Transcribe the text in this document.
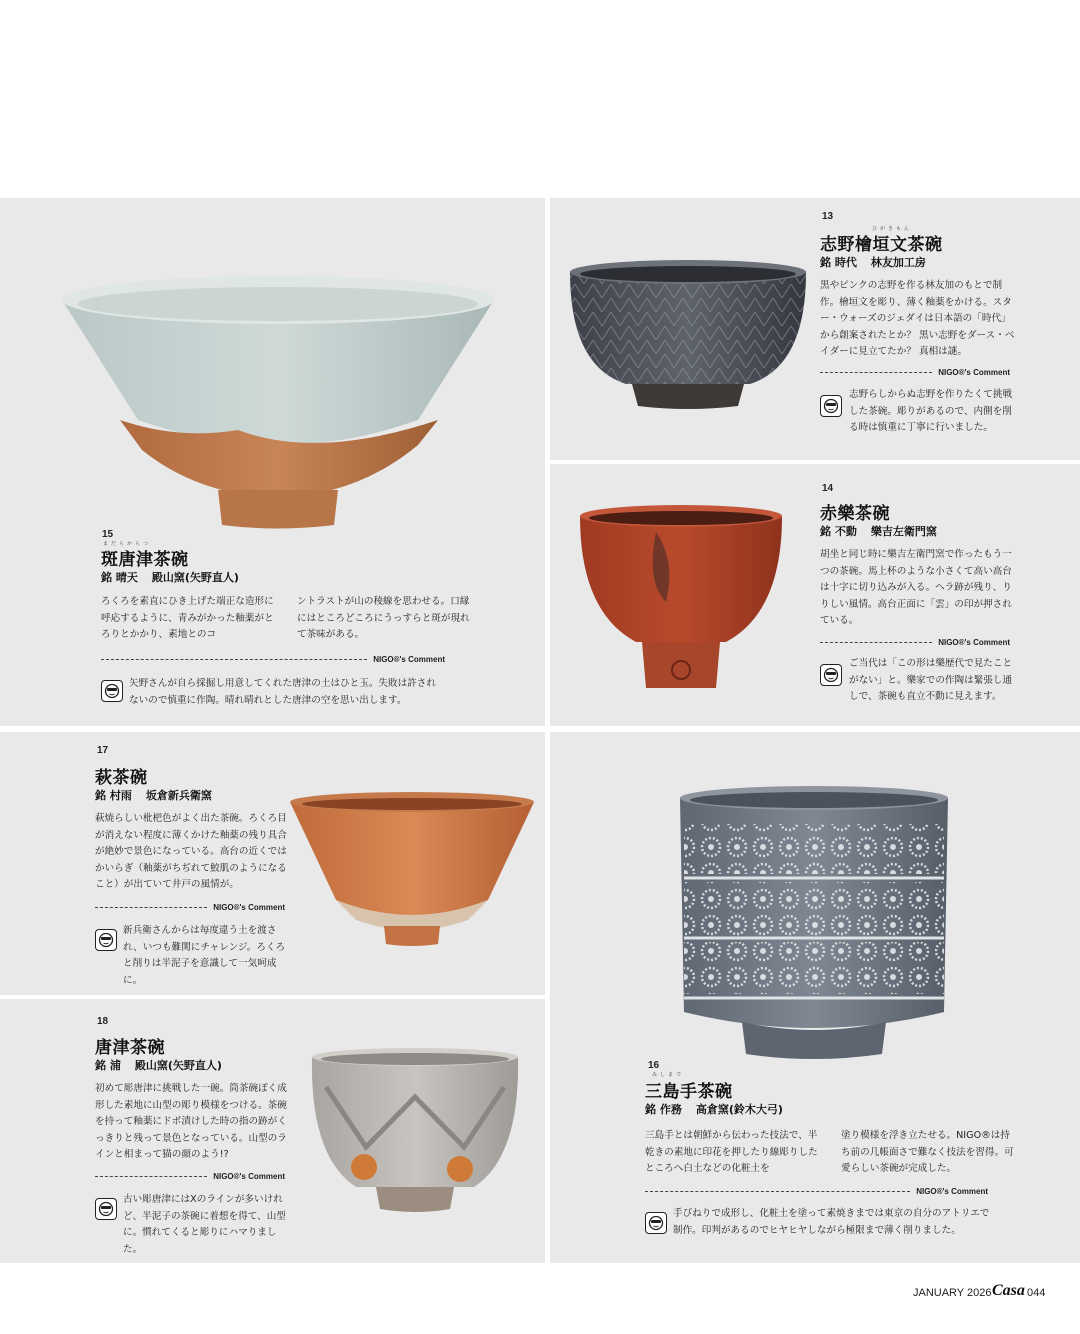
15
まだらからつ
斑唐津茶碗
銘 晴天 殿山窯(矢野直人)
ろくろを素直にひき上げた端正な造形に呼応するように、青みがかった釉薬がとろりとかかり、素地とのコ
ントラストが山の稜線を思わせる。口縁にはところどころにうっすらと斑が現れて茶味がある。
NIGO®'s Comment
矢野さんが自ら採掘し用意してくれた唐津の土はひと玉。失敗は許されないので慎重に作陶。晴れ晴れとした唐津の空を思い出します。
13
ひがきもん
志野檜垣文茶碗
銘 時代 林友加工房
黒やピンクの志野を作る林友加のもとで制作。檜垣文を彫り、薄く釉薬をかける。スター・ウォーズのジェダイは日本語の「時代」から創案されたとか？ 黒い志野をダース・ベイダーに見立てたか？ 真相は謎。
NIGO®'s Comment
志野らしからぬ志野を作りたくて挑戦した茶碗。彫りがあるので、内側を削る時は慎重に丁寧に行いました。
14
赤樂茶碗
銘 不動 樂吉左衛門窯
胡坐と同じ時に樂吉左衛門窯で作ったもう一つの茶碗。馬上杯のような小さくて高い高台は十字に切り込みが入る。ヘラ跡が残り、りりしい風情。高台正面に「雲」の印が押されている。
NIGO®'s Comment
ご当代は「この形は樂歴代で見たことがない」と。樂家での作陶は緊張し通しで、茶碗も直立不動に見えます。
17
萩茶碗
銘 村雨 坂倉新兵衛窯
萩焼らしい枇杷色がよく出た茶碗。ろくろ目が消えない程度に薄くかけた釉薬の残り具合が絶妙で景色になっている。高台の近くではかいらぎ（釉薬がちぢれて鮫肌のようになること）が出ていて井戸の風情が。
NIGO®'s Comment
新兵衛さんからは毎度違う土を渡され、いつも難関にチャレンジ。ろくろと削りは半泥子を意識して一気呵成に。
18
唐津茶碗
銘 浦 殿山窯(矢野直人)
初めて彫唐津に挑戦した一碗。筒茶碗ぽく成形した素地に山型の彫り模様をつける。茶碗を持って釉薬にドボ漬けした時の指の跡がくっきりと残って景色となっている。山型のラインと相まって猫の顔のよう!?
NIGO®'s Comment
古い彫唐津にはXのラインが多いけれど、半泥子の茶碗に着想を得て、山型に。慣れてくると彫りにハマりました。
16
みしまで
三島手茶碗
銘 作務 高倉窯(鈴木大弓)
三島手とは朝鮮から伝わった技法で、半乾きの素地に印花を押したり線彫りしたところへ白土などの化粧土を
塗り模様を浮き立たせる。NIGO®は持ち前の几帳面さで難なく技法を習得。可愛らしい茶碗が完成した。
NIGO®'s Comment
手びねりで成形し、化粧土を塗って素焼きまでは東京の自分のアトリエで制作。印判があるのでヒヤヒヤしながら極限まで薄く削りました。
JANUARY 2026 Casa 044
